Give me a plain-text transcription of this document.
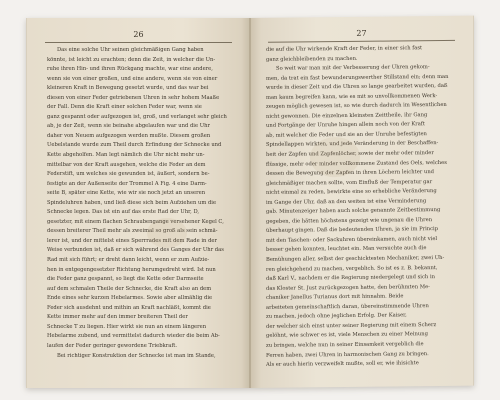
26
Das eine solche Uhr seinen gleichmäßigen Gang haben
könnte, ist leicht zu erachten; denn die Zeit, in welcher die Un-
ruhe ihren Hin- und ihren Rückgang machte, war eine andere,
wenn sie von einer großen, und eine andere, wenn sie von einer
kleineren Kraft in Bewegung gesetzt wurde, und das war bei
diesen von einer Feder getriebenen Uhren in sehr hohem Maaße
der Fall. Denn die Kraft einer solchen Feder war, wenn sie
ganz gespannt oder aufgezogen ist, groß, und verlanget sehr gleich
ab, je der Zeit, wenn sie beinahe abgelaufen war und die Uhr
daher von Neuem aufgezogen werden mußte. Diesem großen
Uebelstande wurde zum Theil durch Erfindung der Schnecke und
Kette abgeholfen. Man legt nämlich die Uhr nicht mehr un-
mittelbar von der Kraft ausgehen, welche die Feder an dem
Federstift, um welches sie gewunden ist, äußert, sondern be-
festigte an der Außenseite der Trommel A Fig. 4 eine Darm-
seite B, später eine Kette, wie wir sie noch jetzt an unseren
Spindeluhren haben, und ließ diese sich beim Aufziehen um die
Schnecke legen. Das ist ein auf das erste Rad der Uhr, D,
gesetzter, mit einem flachen Schraubengange versehener Kegel C,
dessen breiterer Theil mehr als zweimal so groß als sein schmä-
lerer ist, und der mittelst eines Sperrrades mit dem Rade in der
Weise verbunden ist, daß er sich während des Ganges der Uhr das
Rad mit sich führt; er dreht dann leicht, wenn er zum Aufzie-
hen in entgegengesetzter Richtung herumgedreht wird. Ist nun
die Feder ganz gespannt, so liegt die Kette oder Darmseite
auf dem schmalen Theile der Schnecke, die Kraft also an dem
Ende eines sehr kurzen Hebelarmes. Sowie aber allmählig die
Feder sich ausdehnt und mithin an Kraft nachläßt, kommt die
Kette immer mehr auf den immer breiteren Theil der
Schnecke T zu liegen. Hier wirkt sie nun an einem längeren
Hebelarme zubend, und vermittelst dadurch wieder die beim Ab-
laufen der Feder geringer gewordene Triebkraft.
Bei richtiger Konstruktion der Schnecke ist man im Stande,
27
die auf die Uhr wirkende Kraft der Feder, in einer sich fast
ganz gleichbleibenden zu machen.
So weit war man mit der Verbesserung der Uhren gekom-
men, da trat ein fast bewunderungswerther Stillstand ein; denn man
wurde in dieser Zeit und die Uhren so lange gearbeitet wurden, daß
man kaum begreifen kann, wie es mit so unvollkommenen Werk-
zeugen möglich gewesen ist, so wie durch dadurch im Wesentlichen
nicht gewonnen. Die einzelnen kleinsten Zeittheile, ihr Gang
und Fortgänge der Unruhe hingen allein noch von der Kraft
ab, mit welcher die Feder und sie an der Unruhe befestigten
Spindellappen wirkten, und jede Veränderung in der Beschaffen-
heit der Zapfen und Zapfenlöcher, sowie der mehr oder minder
flüssige, mehr oder minder vollkommene Zustand des Oels, welches
dessen die Bewegung der Zapfen in ihren Löchern leichter und
gleichmäßiger machen sollte, vom Einfluß der Temperatur gar
nicht einmal zu reden, bewirkte eine so erhebliche Veränderung
im Gange der Uhr, daß an den weiten ist eine Verminderung
gab. Minutenzeiger haben auch solche genannte Zeitbestimmung
gegeben, die hätten höchstens gezeigt wie ungenau die Uhren
überhaupt gingen. Daß die bedeutenden Uhren, ja sie im Princip
mit den Taschen- oder Sackuhren übereinkamen, auch nicht viel
besser gehen konnten, leuchtet ein. Man versuchte auch die
Bemühungen aller, selbst der geschicktesten Mechaniker, zwei Uh-
ren gleichgehend zu machen, vergeblich. So ist es z. B. bekannt,
daß Karl V., nachdem er die Regierung niedergelegt und sich in
das Kloster St. Just zurückgezogen hatte, den berühmten Me-
chaniker Janellus Turianus dort mit hinnahm. Beide
arbeiteten gemeinschaftlich daran, übereinstimmende Uhren
zu machen, jedoch ohne jeglichen Erfolg. Der Kaiser,
der welcher sich einst unter seiner Regierung mit einem Scherz
gelöhnt, wie schwer es ist, viele Menschen zu einer Meinung
zu bringen, welche nun in seiner Einsamkeit vergeblich die
Ferren haben, zwei Uhren in harmonischen Gang zu bringen.
Als er auch hierin verzweifelt mußte, soll er, wie ihisichte
